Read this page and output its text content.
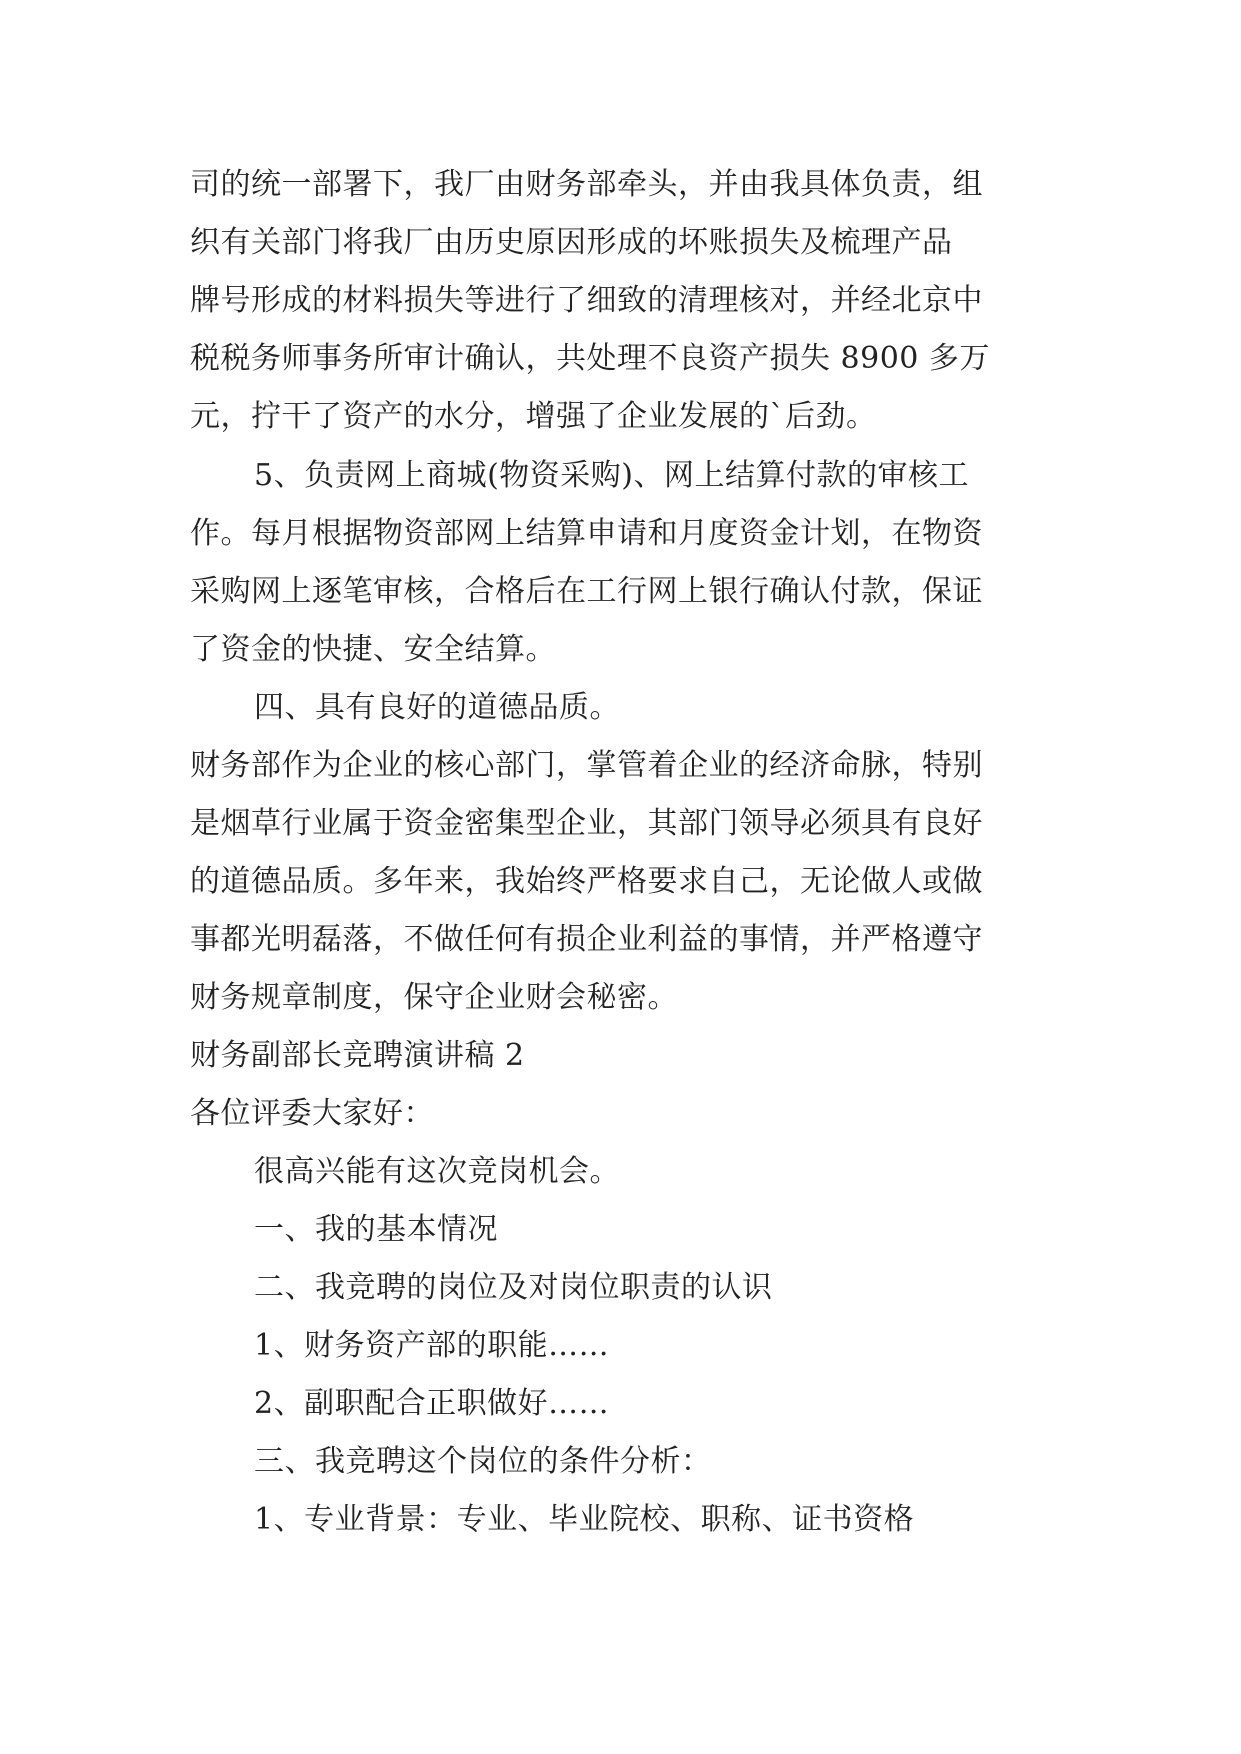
司的统一部署下，我厂由财务部牵头，并由我具体负责，组
织有关部门将我厂由历史原因形成的坏账损失及梳理产品
牌号形成的材料损失等进行了细致的清理核对，并经北京中
税税务师事务所审计确认，共处理不良资产损失 8900 多万
元，拧干了资产的水分，增强了企业发展的`后劲。
5、负责网上商城(物资采购)、网上结算付款的审核工
作。每月根据物资部网上结算申请和月度资金计划，在物资
采购网上逐笔审核，合格后在工行网上银行确认付款，保证
了资金的快捷、安全结算。
四、具有良好的道德品质。
财务部作为企业的核心部门，掌管着企业的经济命脉，特别
是烟草行业属于资金密集型企业，其部门领导必须具有良好
的道德品质。多年来，我始终严格要求自己，无论做人或做
事都光明磊落，不做任何有损企业利益的事情，并严格遵守
财务规章制度，保守企业财会秘密。
财务副部长竞聘演讲稿 2
各位评委大家好：
很高兴能有这次竞岗机会。
一、我的基本情况
二、我竞聘的岗位及对岗位职责的认识
1、财务资产部的职能……
2、副职配合正职做好……
三、我竞聘这个岗位的条件分析：
1、专业背景：专业、毕业院校、职称、证书资格
